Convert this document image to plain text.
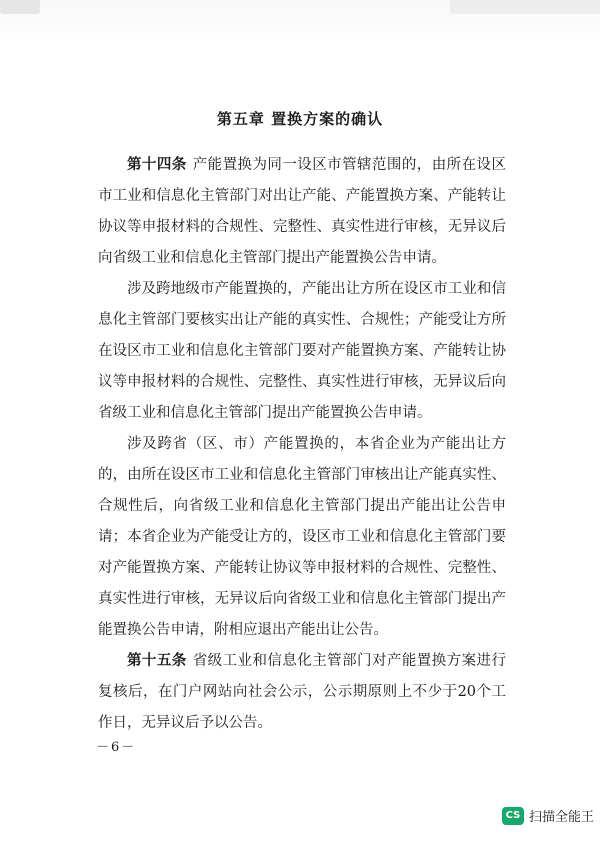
第五章 置换方案的确认

第十四条 产能置换为同一设区市管辖范围的，由所在设区市工业和信息化主管部门对出让产能、产能置换方案、产能转让协议等申报材料的合规性、完整性、真实性进行审核，无异议后向省级工业和信息化主管部门提出产能置换公告申请。

涉及跨地级市产能置换的，产能出让方所在设区市工业和信息化主管部门要核实出让产能的真实性、合规性；产能受让方所在设区市工业和信息化主管部门要对产能置换方案、产能转让协议等申报材料的合规性、完整性、真实性进行审核，无异议后向省级工业和信息化主管部门提出产能置换公告申请。

涉及跨省（区、市）产能置换的，本省企业为产能出让方的，由所在设区市工业和信息化主管部门审核出让产能真实性、合规性后，向省级工业和信息化主管部门提出产能出让公告申请；本省企业为产能受让方的，设区市工业和信息化主管部门要对产能置换方案、产能转让协议等申报材料的合规性、完整性、真实性进行审核，无异议后向省级工业和信息化主管部门提出产能置换公告申请，附相应退出产能出让公告。

第十五条 省级工业和信息化主管部门对产能置换方案进行复核后，在门户网站向社会公示，公示期原则上不少于20个工作日，无异议后予以公告。

－6－
CS 扫描全能王
